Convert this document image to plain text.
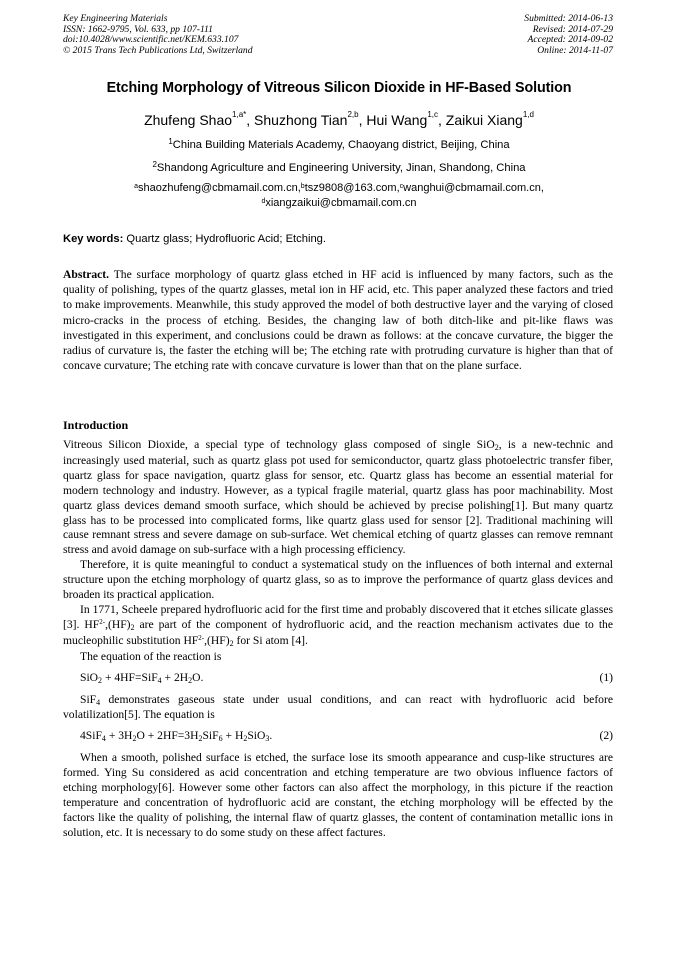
Key Engineering Materials
ISSN: 1662-9795, Vol. 633, pp 107-111
doi:10.4028/www.scientific.net/KEM.633.107
© 2015 Trans Tech Publications Ltd, Switzerland
Submitted: 2014-06-13
Revised: 2014-07-29
Accepted: 2014-09-02
Online: 2014-11-07
Etching Morphology of Vitreous Silicon Dioxide in HF-Based Solution
Zhufeng Shao$^{1,a*}$, Shuzhong Tian$^{2,b}$, Hui Wang$^{1,c}$, Zaikui Xiang$^{1,d}$
$^1$China Building Materials Academy, Chaoyang district, Beijing, China
$^2$Shandong Agriculture and Engineering University, Jinan, Shandong, China
$^a$shaozhufeng@cbmamail.com.cn,$^b$tsz9808@163.com,$^c$wanghui@cbmamail.com.cn,
$^d$xiangzaikui@cbmamail.com.cn
Key words: Quartz glass; Hydrofluoric Acid; Etching.
Abstract. The surface morphology of quartz glass etched in HF acid is influenced by many factors, such as the quality of polishing, types of the quartz glasses, metal ion in HF acid, etc. This paper analyzed these factors and tried to make improvements. Meanwhile, this study approved the model of both destructive layer and the varying of closed micro-cracks in the process of etching. Besides, the changing law of both ditch-like and pit-like flaws was investigated in this experiment, and conclusions could be drawn as follows: at the concave curvature, the bigger the radius of curvature is, the faster the etching will be; The etching rate with protruding curvature is higher than that of concave curvature; The etching rate with concave curvature is lower than that on the plane surface.
Introduction

Vitreous Silicon Dioxide, a special type of technology glass composed of single SiO$_2$, is a new-technic and increasingly used material, such as quartz glass pot used for semiconductor, quartz glass photoelectric transfer fiber, quartz glass for space navigation, quartz glass for sensor, etc. Quartz glass has become an essential material for modern technology and industry. However, as a typical fragile material, quartz glass has poor machinability. Most quartz glass devices demand smooth surface, which should be achieved by precise polishing[1]. But many quartz glass has to be processed into complicated forms, like quartz glass used for sensor [2]. Traditional machining will cause remnant stress and severe damage on sub-surface. Wet chemical etching of quartz glasses can remove remnant stress and avoid damage on sub-surface with a high processing efficiency.

Therefore, it is quite meaningful to conduct a systematical study on the influences of both internal and external structure upon the etching morphology of quartz glass, so as to improve the performance of quartz glass devices and broaden its practical application.

In 1771, Scheele prepared hydrofluoric acid for the first time and probably discovered that it etches silicate glasses [3]. $HF^{2-},(HF)_2$ are part of the component of hydrofluoric acid, and the reaction mechanism activates due to the mucleophilic substitution $HF^{2-},(HF)_2$ for Si atom [4].

The equation of the reaction is

$SiO_2 + 4HF=SiF_4 + 2H_2O$.	(1)

SiF$_4$ demonstrates gaseous state under usual conditions, and can react with hydrofluoric acid before volatilization[5]. The equation is

$4SiF_4 + 3H_2O + 2HF=3H_2SiF_6 + H_2SiO_3$.	(2)

When a smooth, polished surface is etched, the surface lose its smooth appearance and cusp-like structures are formed. Ying Su considered as acid concentration and etching temperature are two obvious influence factors of etching morphology[6]. However some other factors can also affect the morphology, in this picture if the reaction temperature and concentration of hydrofluoric acid are constant, the etching morphology will be effected by the factors like the quality of polishing, the internal flaw of quartz glasses, the content of contamination metallic ions in solution, etc. It is necessary to do some study on these affect factures.
